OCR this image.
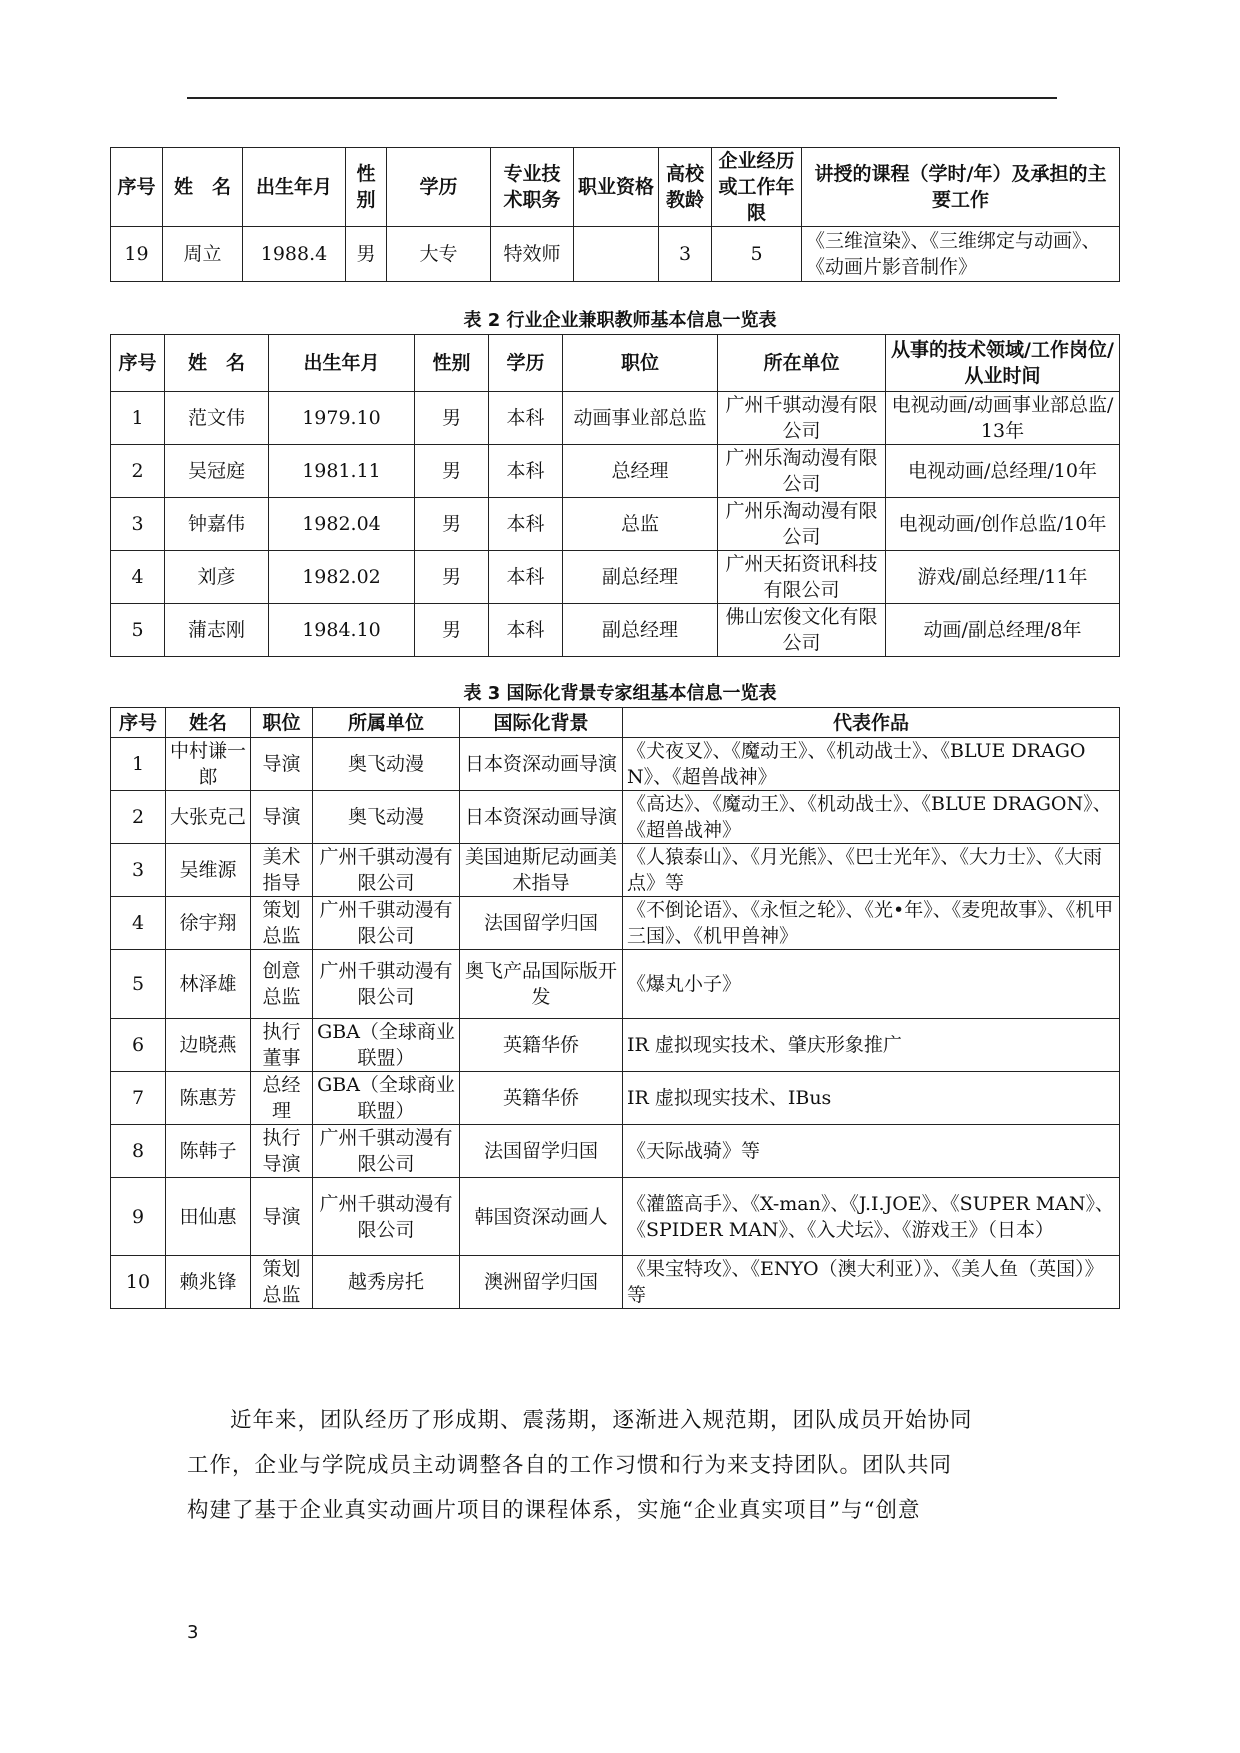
序号	姓　名	出生年月	性别	学历	专业技术职务	职业资格	高校教龄	企业经历或工作年限	讲授的课程（学时/年）及承担的主要工作
19	周立	1988.4	男	大专	特效师		3	5	《三维渲染》、《三维绑定与动画》、《动画片影音制作》
表 2 行业企业兼职教师基本信息一览表
序号	姓　名	出生年月	性别	学历	职位	所在单位	从事的技术领域/工作岗位/从业时间
1	范文伟	1979.10	男	本科	动画事业部总监	广州千骐动漫有限公司	电视动画/动画事业部总监/13年
2	吴冠庭	1981.11	男	本科	总经理	广州乐淘动漫有限公司	电视动画/总经理/10年
3	钟嘉伟	1982.04	男	本科	总监	广州乐淘动漫有限公司	电视动画/创作总监/10年
4	刘彦	1982.02	男	本科	副总经理	广州天拓资讯科技有限公司	游戏/副总经理/11年
5	蒲志刚	1984.10	男	本科	副总经理	佛山宏俊文化有限公司	动画/副总经理/8年
表 3 国际化背景专家组基本信息一览表
序号	姓名	职位	所属单位	国际化背景	代表作品
1	中村谦一郎	导演	奥飞动漫	日本资深动画导演	《犬夜叉》、《魔动王》、《机动战士》、《BLUE DRAGON》、《超兽战神》
2	大张克己	导演	奥飞动漫	日本资深动画导演	《高达》、《魔动王》、《机动战士》、《BLUE DRAGON》、《超兽战神》
3	吴维源	美术指导	广州千骐动漫有限公司	美国迪斯尼动画美术指导	《人猿泰山》、《月光熊》、《巴士光年》、《大力士》、《大雨点》等
4	徐宇翔	策划总监	广州千骐动漫有限公司	法国留学归国	《不倒论语》、《永恒之轮》、《光•年》、《麦兜故事》、《机甲三国》、《机甲兽神》
5	林泽雄	创意总监	广州千骐动漫有限公司	奥飞产品国际版开发	《爆丸小子》
6	边晓燕	执行董事	GBA（全球商业联盟）	英籍华侨	IR 虚拟现实技术、肇庆形象推广
7	陈惠芳	总经理	GBA（全球商业联盟）	英籍华侨	IR 虚拟现实技术、IBus
8	陈韩子	执行导演	广州千骐动漫有限公司	法国留学归国	《天际战骑》等
9	田仙惠	导演	广州千骐动漫有限公司	韩国资深动画人	《灌篮高手》、《X-man》、《J.I.JOE》、《SUPER MAN》、《SPIDER MAN》、《入犬坛》、《游戏王》（日本）
10	赖兆锋	策划总监	越秀房托	澳洲留学归国	《果宝特攻》、《ENYO（澳大利亚）》、《美人鱼（英国）》等
近年来，团队经历了形成期、震荡期，逐渐进入规范期，团队成员开始协同
工作，企业与学院成员主动调整各自的工作习惯和行为来支持团队。团队共同
构建了基于企业真实动画片项目的课程体系，实施“企业真实项目”与“创意
3
